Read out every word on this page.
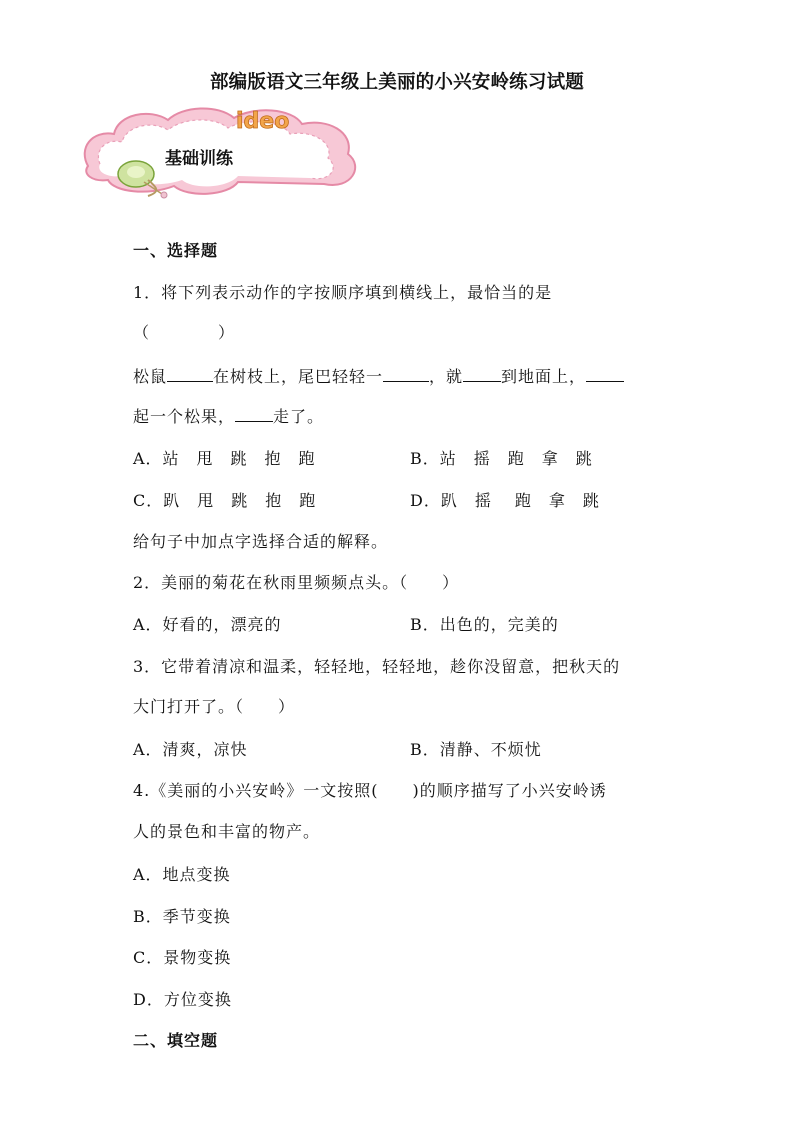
部编版语文三年级上美丽的小兴安岭练习试题
ideo
基础训练
一、选择题
1．将下列表示动作的字按顺序填到横线上，最恰当的是
（　　　　）
松鼠	在树枝上，尾巴轻轻一	，就 到地面上，
起一个松果， 走了。
A．站　甩　跳　抱　跑	B．站　摇　跑　拿　跳
C．趴　甩　跳　抱　跑	D．趴　摇　 跑　拿　跳
给句子中加点字选择合适的解释。
2．美丽的菊花在秋雨里频频点头。（　　）
A．好看的，漂亮的	B．出色的，完美的
3．它带着清凉和温柔，轻轻地，轻轻地，趁你没留意，把秋天的
大门打开了。（　　）
A．清爽，凉快	B．清静、不烦忧
4.《美丽的小兴安岭》一文按照(　　)的顺序描写了小兴安岭诱
人的景色和丰富的物产。
A．地点变换
B．季节变换
C．景物变换
D．方位变换
二、填空题
